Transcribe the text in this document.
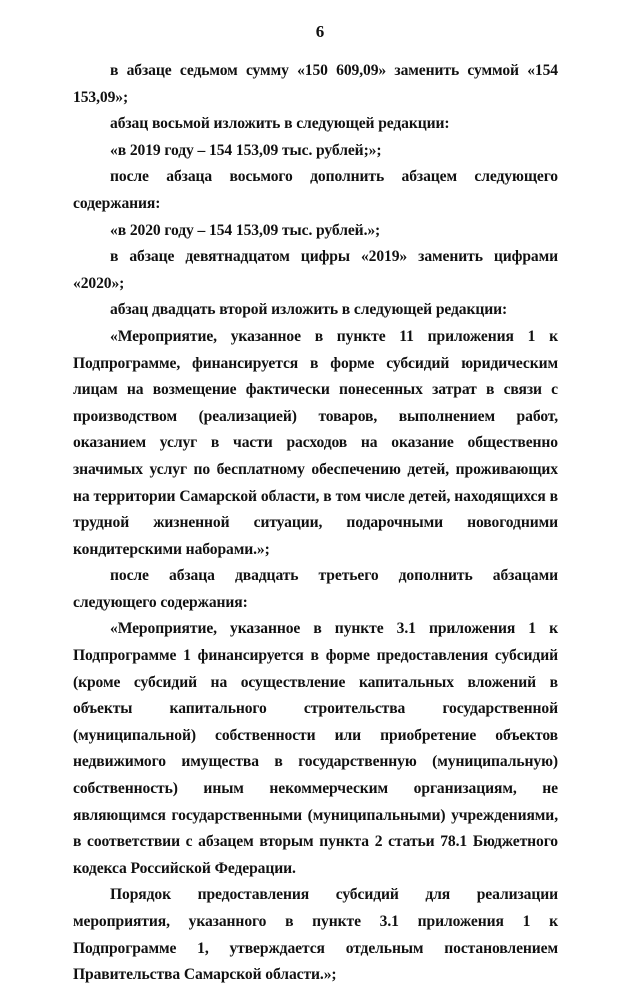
6

в абзаце седьмом сумму «150 609,09» заменить суммой «154 153,09»;

абзац восьмой изложить в следующей редакции:

«в 2019 году – 154 153,09 тыс. рублей;»;

после абзаца восьмого дополнить абзацем следующего содержания:

«в 2020 году – 154 153,09 тыс. рублей.»;

в абзаце девятнадцатом цифры «2019» заменить цифрами «2020»;

абзац двадцать второй изложить в следующей редакции:

«Мероприятие, указанное в пункте 11 приложения 1 к Подпрограмме, финансируется в форме субсидий юридическим лицам на возмещение фактически понесенных затрат в связи с производством (реализацией) товаров, выполнением работ, оказанием услуг в части расходов на оказание общественно значимых услуг по бесплатному обеспечению детей, проживающих на территории Самарской области, в том числе детей, находящихся в трудной жизненной ситуации, подарочными новогодними кондитерскими наборами.»;

после абзаца двадцать третьего дополнить абзацами следующего содержания:

«Мероприятие, указанное в пункте 3.1 приложения 1 к Подпрограмме 1 финансируется в форме предоставления субсидий (кроме субсидий на осуществление капитальных вложений в объекты капитального строительства государственной (муниципальной) собственности или приобретение объектов недвижимого имущества в государственную (муниципальную) собственность) иным некоммерческим организациям, не являющимся государственными (муниципальными) учреждениями, в соответствии с абзацем вторым пункта 2 статьи 78.1 Бюджетного кодекса Российской Федерации.

Порядок предоставления субсидий для реализации мероприятия, указанного в пункте 3.1 приложения 1 к Подпрограмме 1, утверждается отдельным постановлением Правительства Самарской области.»;
